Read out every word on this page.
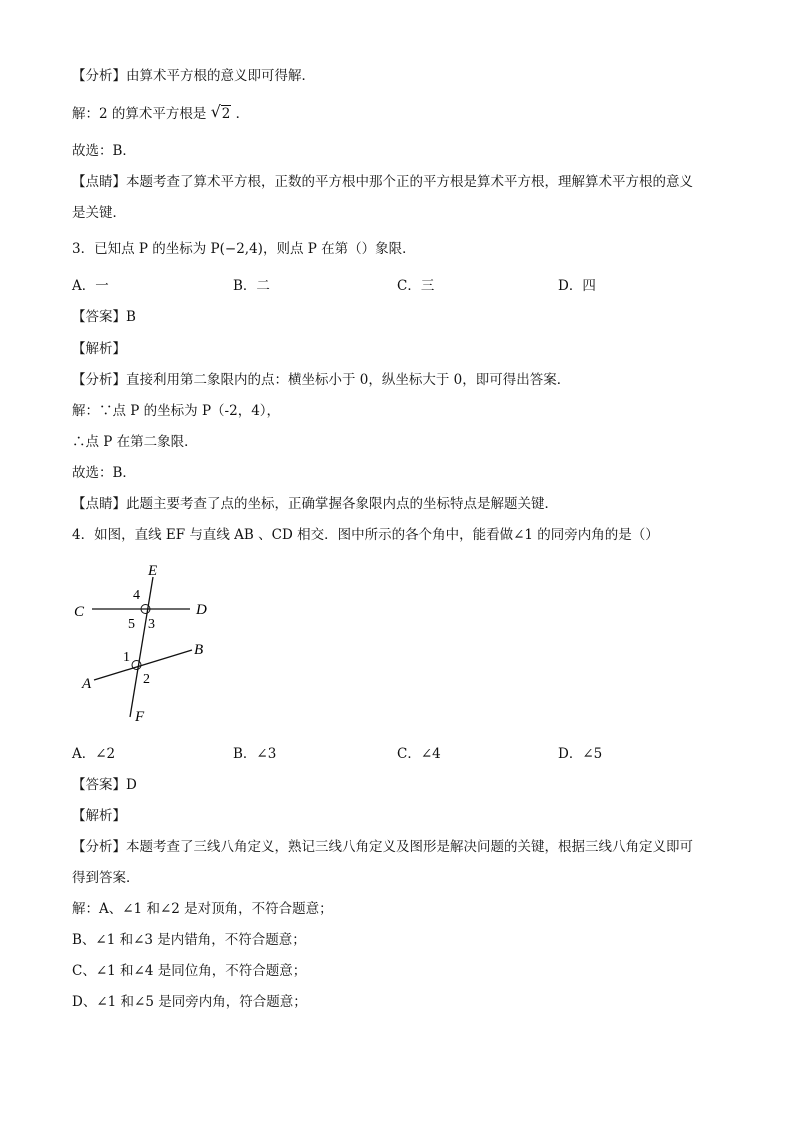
【分析】由算术平方根的意义即可得解．
解：2 的算术平方根是 √ 2 ．
故选：B．
【点睛】本题考查了算术平方根，正数的平方根中那个正的平方根是算术平方根，理解算术平方根的意义
是关键．
3．已知点 P 的坐标为 P(−2,4)，则点 P 在第（）象限．
A．一	B．二	C．三	D．四
【答案】B
【解析】
【分析】直接利用第二象限内的点：横坐标小于 0，纵坐标大于 0，即可得出答案．
解：∵点 P 的坐标为 P（-2，4），
∴点 P 在第二象限．
故选：B．
【点睛】此题主要考查了点的坐标，正确掌握各象限内点的坐标特点是解题关键．
4．如图，直线 EF 与直线 AB 、CD 相交．图中所示的各个角中，能看做∠1 的同旁内角的是（）
E
C	D
B
A
F
4
5 3
1
2
A．∠2	B．∠3	C．∠4	D．∠5
【答案】D
【解析】
【分析】本题考查了三线八角定义，熟记三线八角定义及图形是解决问题的关键，根据三线八角定义即可
得到答案．
解：A、∠1 和∠2 是对顶角，不符合题意；
B、∠1 和∠3 是内错角，不符合题意；
C、∠1 和∠4 是同位角，不符合题意；
D、∠1 和∠5 是同旁内角，符合题意；
